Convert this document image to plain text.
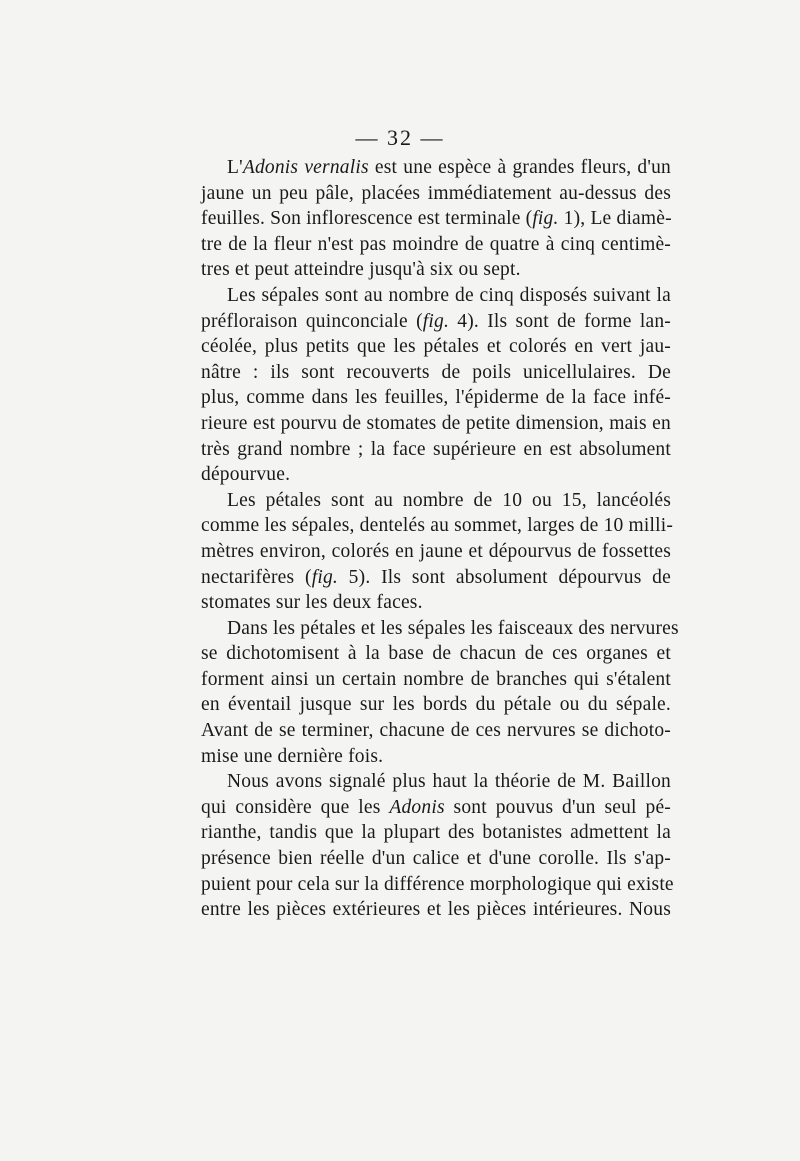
— 32 —
L'Adonis vernalis est une espèce à grandes fleurs, d'un
jaune un peu pâle, placées immédiatement au-dessus des
feuilles. Son inflorescence est terminale (fig. 1), Le diamè-
tre de la fleur n'est pas moindre de quatre à cinq centimè-
tres et peut atteindre jusqu'à six ou sept.
Les sépales sont au nombre de cinq disposés suivant la
préfloraison quinconciale (fig. 4). Ils sont de forme lan-
céolée, plus petits que les pétales et colorés en vert jau-
nâtre : ils sont recouverts de poils unicellulaires. De
plus, comme dans les feuilles, l'épiderme de la face infé-
rieure est pourvu de stomates de petite dimension, mais en
très grand nombre ; la face supérieure en est absolument
dépourvue.
Les pétales sont au nombre de 10 ou 15, lancéolés
comme les sépales, dentelés au sommet, larges de 10 milli-
mètres environ, colorés en jaune et dépourvus de fossettes
nectarifères (fig. 5). Ils sont absolument dépourvus de
stomates sur les deux faces.
Dans les pétales et les sépales les faisceaux des nervures
se dichotomisent à la base de chacun de ces organes et
forment ainsi un certain nombre de branches qui s'étalent
en éventail jusque sur les bords du pétale ou du sépale.
Avant de se terminer, chacune de ces nervures se dichoto-
mise une dernière fois.
Nous avons signalé plus haut la théorie de M. Baillon
qui considère que les Adonis sont pouvus d'un seul pé-
rianthe, tandis que la plupart des botanistes admettent la
présence bien réelle d'un calice et d'une corolle. Ils s'ap-
puient pour cela sur la différence morphologique qui existe
entre les pièces extérieures et les pièces intérieures. Nous
